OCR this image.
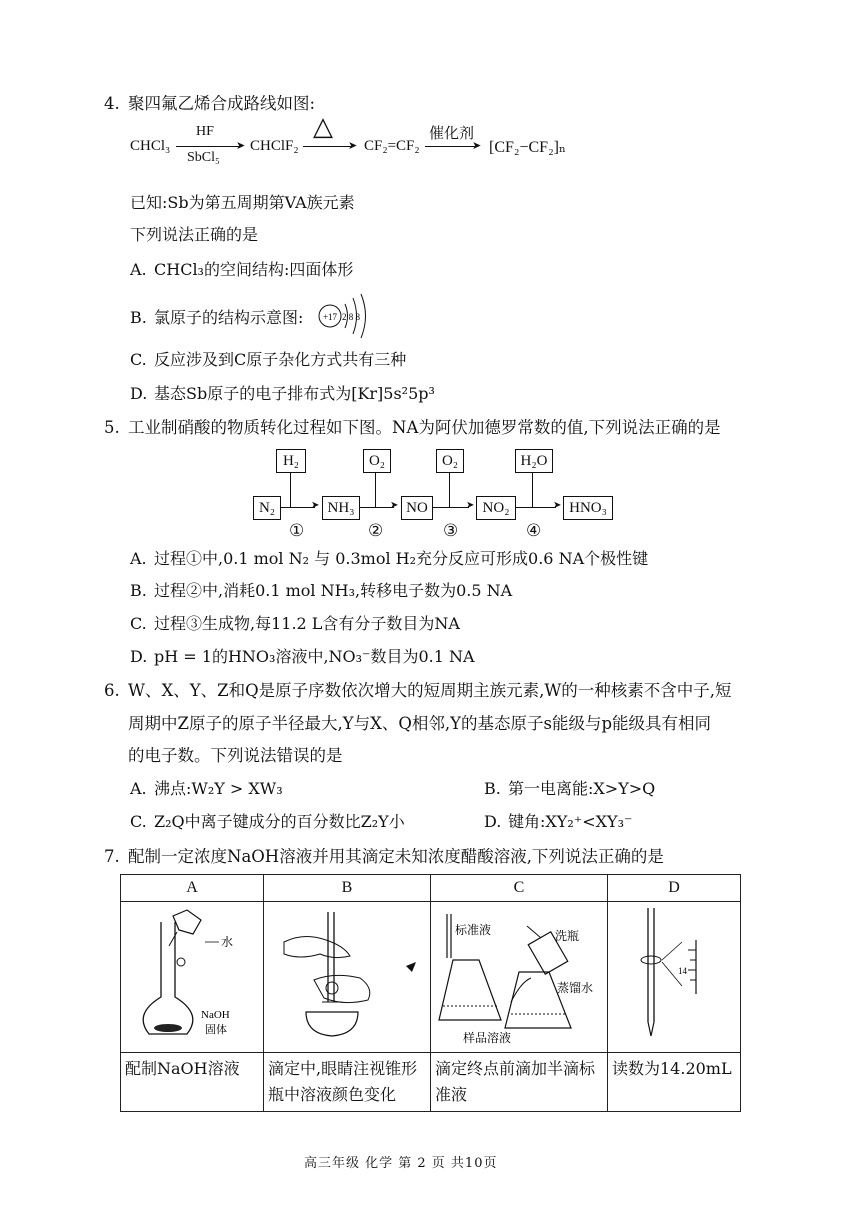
4. 聚四氟乙烯合成路线如图:
CHCl₃
HF
➤
SbCl₅
CHClF₂
△
➤ CF₂=CF₂
催化剂
➤ [CF₂−CF₂]ₙ
已知:Sb为第五周期第VA族元素
下列说法正确的是
A. CHCl₃的空间结构:四面体形
B. 氯原子的结构示意图: +17 2 8 8
C. 反应涉及到C原子杂化方式共有三种
D. 基态Sb原子的电子排布式为[Kr]5s²5p³
5. 工业制硝酸的物质转化过程如下图。NA为阿伏加德罗常数的值,下列说法正确的是
H₂	O₂	O₂	H₂O
N₂	NH₃	NO	NO₂	HNO₃
➤	➤	➤	➤
①	②	③	④
A. 过程①中,0.1 mol N₂ 与 0.3mol H₂充分反应可形成0.6 NA个极性键
B. 过程②中,消耗0.1 mol NH₃,转移电子数为0.5 NA
C. 过程③生成物,每11.2 L含有分子数目为NA
D. pH = 1的HNO₃溶液中,NO₃⁻数目为0.1 NA
6. W、X、Y、Z和Q是原子序数依次增大的短周期主族元素,W的一种核素不含中子,短
周期中Z原子的原子半径最大,Y与X、Q相邻,Y的基态原子s能级与p能级具有相同
的电子数。下列说法错误的是
A. 沸点:W₂Y > XW₃	B. 第一电离能:X>Y>Q
C. Z₂Q中离子键成分的百分数比Z₂Y小	D. 键角:XY₂⁺<XY₃⁻
7. 配制一定浓度NaOH溶液并用其滴定未知浓度醋酸溶液,下列说法正确的是
A	B	C	D

水
NaOH
固体		标准液 洗瓶
蒸馏水
样品溶液	14

配制NaOH溶液	滴定中,眼睛注视锥形瓶中溶液颜色变化	滴定终点前滴加半滴标准液	读数为14.20mL
高三年级 化学 第 2 页 共10页
